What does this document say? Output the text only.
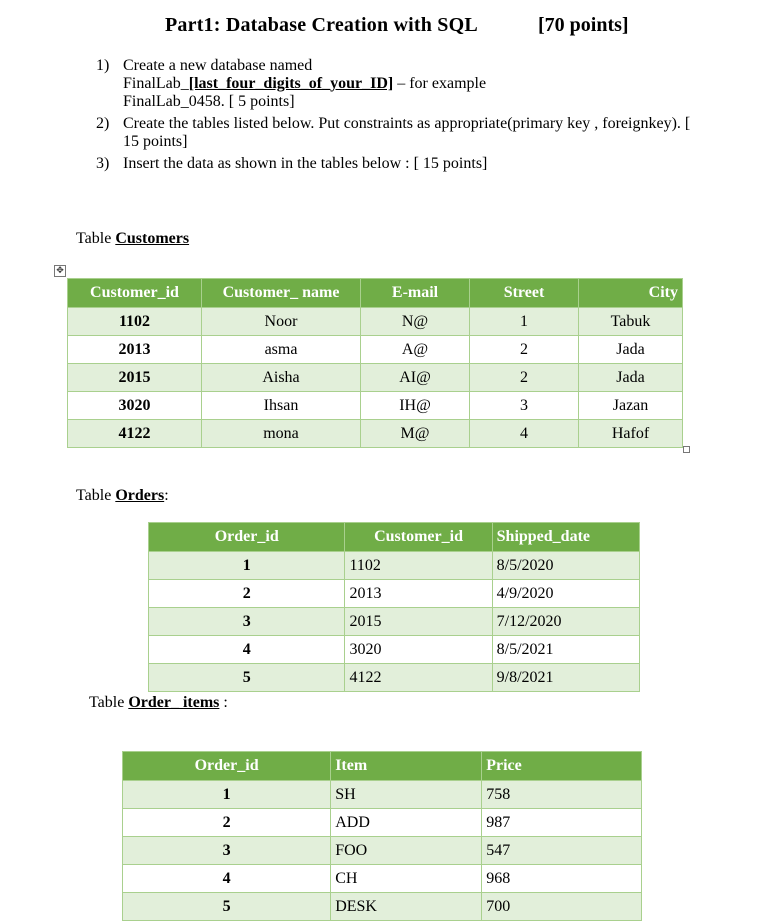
Part1: Database Creation with SQL	[70 points]
1) Create a new database named
FinalLab_[last_four_digits_of_your_ID] – for example
FinalLab_0458. [ 5 points]
2) Create the tables listed below. Put constraints as appropriate(primary key , foreignkey). [ 15 points]
3) Insert the data as shown in the tables below : [ 15 points]
Table Customers
✥
Customer_id	Customer_ name	E-mail	Street	City
1102	Noor	N@	1	Tabuk
2013	asma	A@	2	Jada
2015	Aisha	AI@	2	Jada
3020	Ihsan	IH@	3	Jazan
4122	mona	M@	4	Hafof
Table Orders:
Order_id	Customer_id	Shipped_date
1	1102	8/5/2020
2	2013	4/9/2020
3	2015	7/12/2020
4	3020	8/5/2021
5	4122	9/8/2021
Table Order_ items :
Order_id	Item	Price
1	SH	758
2	ADD	987
3	FOO	547
4	CH	968
5	DESK	700
